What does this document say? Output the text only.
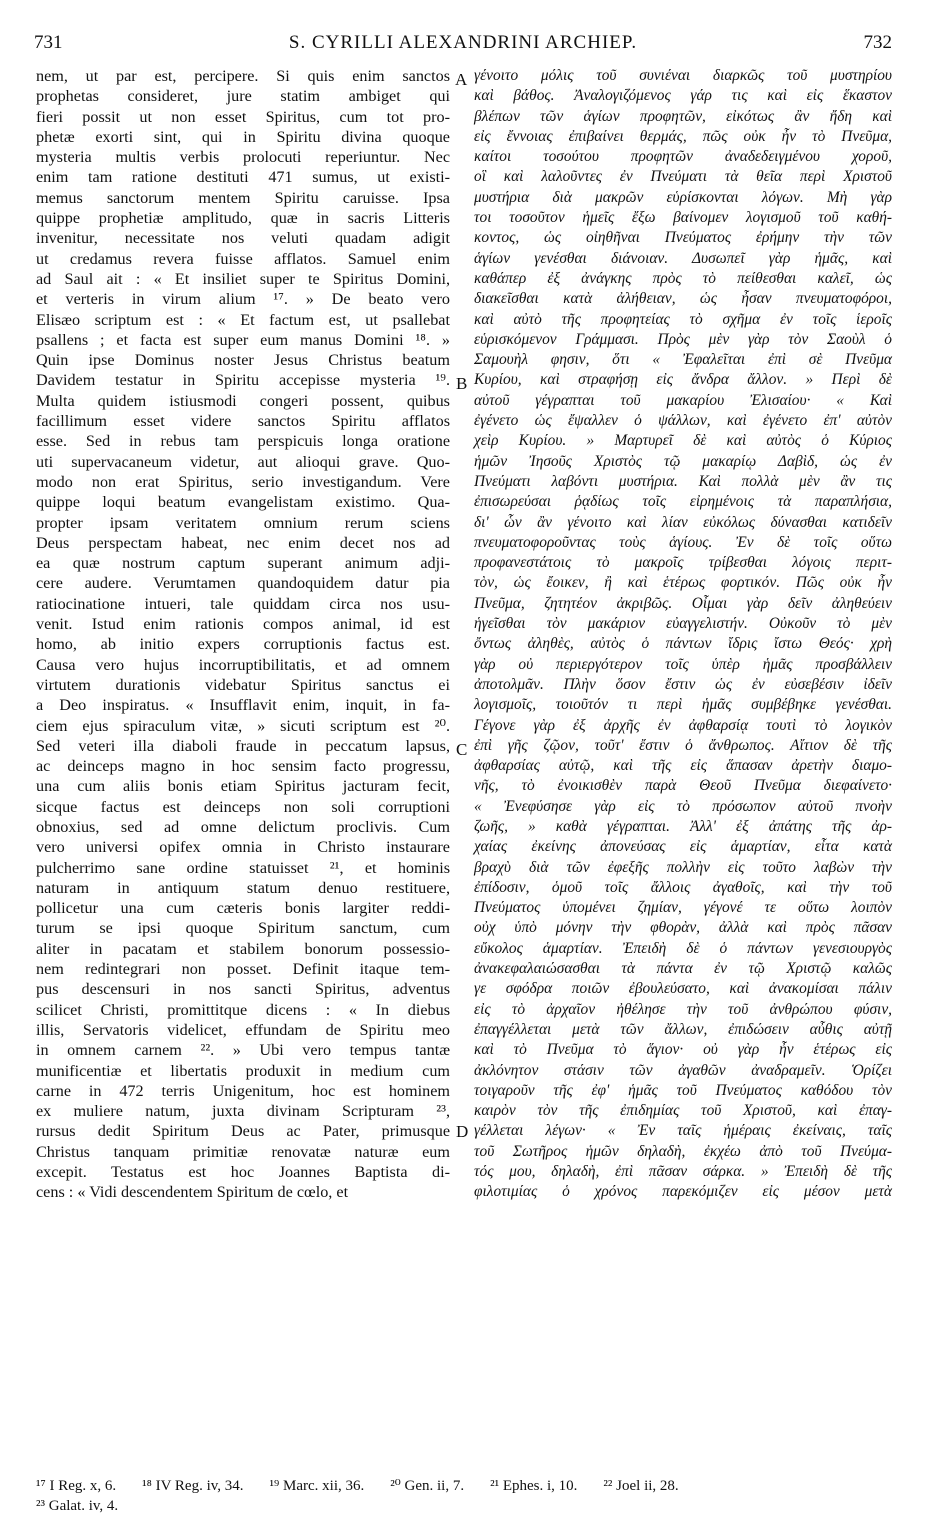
731	S. CYRILLI ALEXANDRINI ARCHIEP.	732
nem, ut par est, percipere. Si quis enim sanctos
prophetas consideret, jure statim ambiget qui
fieri possit ut non esset Spiritus, cum tot pro-
phetæ exorti sint, qui in Spiritu divina quoque
mysteria multis verbis prolocuti reperiuntur. Nec
enim tam ratione destituti 471 sumus, ut existi-
memus sanctorum mentem Spiritu caruisse. Ipsa
quippe prophetiæ amplitudo, quæ in sacris Litteris
invenitur, necessitate nos veluti quadam adigit
ut credamus revera fuisse afflatos. Samuel enim
ad Saul ait : « Et insiliet super te Spiritus Domini,
et verteris in virum alium ¹⁷. » De beato vero
Elisæo scriptum est : « Et factum est, ut psallebat
psallens ; et facta est super eum manus Domini ¹⁸. »
Quin ipse Dominus noster Jesus Christus beatum
Davidem testatur in Spiritu accepisse mysteria ¹⁹.
Multa quidem istiusmodi congeri possent, quibus
facillimum esset videre sanctos Spiritu afflatos
esse. Sed in rebus tam perspicuis longa oratione
uti supervacaneum videtur, aut alioqui grave. Quo-
modo non erat Spiritus, serio investigandum. Vere
quippe loqui beatum evangelistam existimo. Qua-
propter ipsam veritatem omnium rerum sciens
Deus perspectam habeat, nec enim decet nos ad
ea quæ nostrum captum superant animum adji-
cere audere. Verumtamen quandoquidem datur pia
ratiocinatione intueri, tale quiddam circa nos usu-
venit. Istud enim rationis compos animal, id est
homo, ab initio expers corruptionis factus est.
Causa vero hujus incorruptibilitatis, et ad omnem
virtutem durationis videbatur Spiritus sanctus ei
a Deo inspiratus. « Insufflavit enim, inquit, in fa-
ciem ejus spiraculum vitæ, » sicuti scriptum est ²⁰.
Sed veteri illa diaboli fraude in peccatum lapsus,
ac deinceps magno in hoc sensim facto progressu,
una cum aliis bonis etiam Spiritus jacturam fecit,
sicque factus est deinceps non soli corruptioni
obnoxius, sed ad omne delictum proclivis. Cum
vero universi opifex omnia in Christo instaurare
pulcherrimo sane ordine statuisset ²¹, et hominis
naturam in antiquum statum denuo restituere,
pollicetur una cum cæteris bonis largiter reddi-
turum se ipsi quoque Spiritum sanctum, cum
aliter in pacatam et stabilem bonorum possessio-
nem redintegrari non posset. Definit itaque tem-
pus descensuri in nos sancti Spiritus, adventus
scilicet Christi, promittitque dicens : « In diebus
illis, Servatoris videlicet, effundam de Spiritu meo
in omnem carnem ²². » Ubi vero tempus tantæ
munificentiæ et libertatis produxit in medium cum
carne in 472 terris Unigenitum, hoc est hominem
ex muliere natum, juxta divinam Scripturam ²³,
rursus dedit Spiritum Deus ac Pater, primusque
Christus tanquam primitiæ renovatæ naturæ eum
excepit. Testatus est hoc Joannes Baptista di-
cens : « Vidi descendentem Spiritum de cœlo, et
γένοιτο μόλις τοῦ συνιέναι διαρκῶς τοῦ μυστηρίου
καὶ βάθος. Ἀναλογιζόμενος γάρ τις καὶ εἰς ἕκαστον
βλέπων τῶν ἁγίων προφητῶν, εἰκότως ἂν ἤδη καὶ
εἰς ἔννοιας ἐπιβαίνει θερμάς, πῶς οὐκ ἦν τὸ Πνεῦμα,
καίτοι τοσούτου προφητῶν ἀναδεδειγμένου χοροῦ,
οἳ καὶ λαλοῦντες ἐν Πνεύματι τὰ θεῖα περὶ Χριστοῦ
μυστήρια διὰ μακρῶν εὑρίσκονται λόγων. Μὴ γὰρ
τοι τοσοῦτον ἡμεῖς ἔξω βαίνομεν λογισμοῦ τοῦ καθή-
κοντος, ὡς οἰηθῆναι Πνεύματος ἐρήμην τὴν τῶν
ἁγίων γενέσθαι διάνοιαν. Δυσωπεῖ γὰρ ἡμᾶς, καὶ
καθάπερ ἐξ ἀνάγκης πρὸς τὸ πείθεσθαι καλεῖ, ὡς
διακεῖσθαι κατὰ ἀλήθειαν, ὡς ἦσαν πνευματοφόροι,
καὶ αὐτὸ τῆς προφητείας τὸ σχῆμα ἐν τοῖς ἱεροῖς
εὑρισκόμενον Γράμμασι. Πρὸς μὲν γὰρ τὸν Σαοὺλ ὁ
Σαμουὴλ φησιν, ὅτι « Ἐφαλεῖται ἐπὶ σὲ Πνεῦμα
Κυρίου, καὶ στραφήσῃ εἰς ἄνδρα ἄλλον. » Περὶ δὲ
αὐτοῦ γέγραπται τοῦ μακαρίου Ἐλισαίου· « Καὶ
ἐγένετο ὡς ἔψαλλεν ὁ ψάλλων, καὶ ἐγένετο ἐπ' αὐτὸν
χεὶρ Κυρίου. » Μαρτυρεῖ δὲ καὶ αὐτὸς ὁ Κύριος
ἡμῶν Ἰησοῦς Χριστὸς τῷ μακαρίῳ Δαβὶδ, ὡς ἐν
Πνεύματι λαβόντι μυστήρια. Καὶ πολλὰ μὲν ἂν τις
ἐπισωρεύσαι ῥᾳδίως τοῖς εἰρημένοις τὰ παραπλήσια,
δι' ὧν ἂν γένοιτο καὶ λίαν εὐκόλως δύνασθαι κατιδεῖν
πνευματοφοροῦντας τοὺς ἁγίους. Ἐν δὲ τοῖς οὕτω
προφανεστάτοις τὸ μακροῖς τρίβεσθαι λόγοις περιτ-
τὸν, ὡς ἔοικεν, ἢ καὶ ἑτέρως φορτικόν. Πῶς οὐκ ἦν
Πνεῦμα, ζητητέον ἀκριβῶς. Οἶμαι γὰρ δεῖν ἀληθεύειν
ἡγεῖσθαι τὸν μακάριον εὐαγγελιστήν. Οὐκοῦν τὸ μὲν
ὄντως ἀληθὲς, αὐτὸς ὁ πάντων ἴδρις ἴστω Θεός· χρὴ
γὰρ οὐ περιεργότερον τοῖς ὑπὲρ ἡμᾶς προσβάλλειν
ἀποτολμᾶν. Πλὴν ὅσον ἔστιν ὡς ἐν εὐσεβέσιν ἰδεῖν
λογισμοῖς, τοιοῦτόν τι περὶ ἡμᾶς συμβέβηκε γενέσθαι.
Γέγονε γὰρ ἐξ ἀρχῆς ἐν ἀφθαρσίᾳ τουτὶ τὸ λογικὸν
ἐπὶ γῆς ζῷον, τοῦτ' ἔστιν ὁ ἄνθρωπος. Αἴτιον δὲ τῆς
ἀφθαρσίας αὐτῷ, καὶ τῆς εἰς ἅπασαν ἀρετὴν διαμο-
νῆς, τὸ ἐνοικισθὲν παρὰ Θεοῦ Πνεῦμα διεφαίνετο·
« Ἐνεφύσησε γὰρ εἰς τὸ πρόσωπον αὐτοῦ πνοὴν
ζωῆς, » καθὰ γέγραπται. Ἀλλ' ἐξ ἀπάτης τῆς ἀρ-
χαίας ἐκείνης ἀπονεύσας εἰς ἁμαρτίαν, εἶτα κατὰ
βραχὺ διὰ τῶν ἐφεξῆς πολλὴν εἰς τοῦτο λαβὼν τὴν
ἐπίδοσιν, ὁμοῦ τοῖς ἄλλοις ἀγαθοῖς, καὶ τὴν τοῦ
Πνεύματος ὑπομένει ζημίαν, γέγονέ τε οὕτω λοιπὸν
οὐχ ὑπὸ μόνην τὴν φθορὰν, ἀλλὰ καὶ πρὸς πᾶσαν
εὔκολος ἁμαρτίαν. Ἐπειδὴ δὲ ὁ πάντων γενεσιουργὸς
ἀνακεφαλαιώσασθαι τὰ πάντα ἐν τῷ Χριστῷ καλῶς
γε σφόδρα ποιῶν ἐβουλεύσατο, καὶ ἀνακομίσαι πάλιν
εἰς τὸ ἀρχαῖον ἠθέλησε τὴν τοῦ ἀνθρώπου φύσιν,
ἐπαγγέλλεται μετὰ τῶν ἄλλων, ἐπιδώσειν αὖθις αὐτῇ
καὶ τὸ Πνεῦμα τὸ ἅγιον· οὐ γὰρ ἦν ἑτέρως εἰς
ἀκλόνητον στάσιν τῶν ἀγαθῶν ἀναδραμεῖν. Ὁρίζει
τοιγαροῦν τῆς ἐφ' ἡμᾶς τοῦ Πνεύματος καθόδου τὸν
καιρὸν τὸν τῆς ἐπιδημίας τοῦ Χριστοῦ, καὶ ἐπαγ-
γέλλεται λέγων· « Ἐν ταῖς ἡμέραις ἐκείναις, ταῖς
τοῦ Σωτῆρος ἡμῶν δηλαδὴ, ἐκχέω ἀπὸ τοῦ Πνεύμα-
τός μου, δηλαδὴ, ἐπὶ πᾶσαν σάρκα. » Ἐπειδὴ δὲ τῆς
φιλοτιμίας ὁ χρόνος παρεκόμιζεν εἰς μέσον μετὰ
A
B
C
D
¹⁷ I Reg. x, 6. ¹⁸ IV Reg. iv, 34. ¹⁹ Marc. xii, 36. ²⁰ Gen. ii, 7. ²¹ Ephes. i, 10. ²² Joel ii, 28.
²³ Galat. iv, 4.
